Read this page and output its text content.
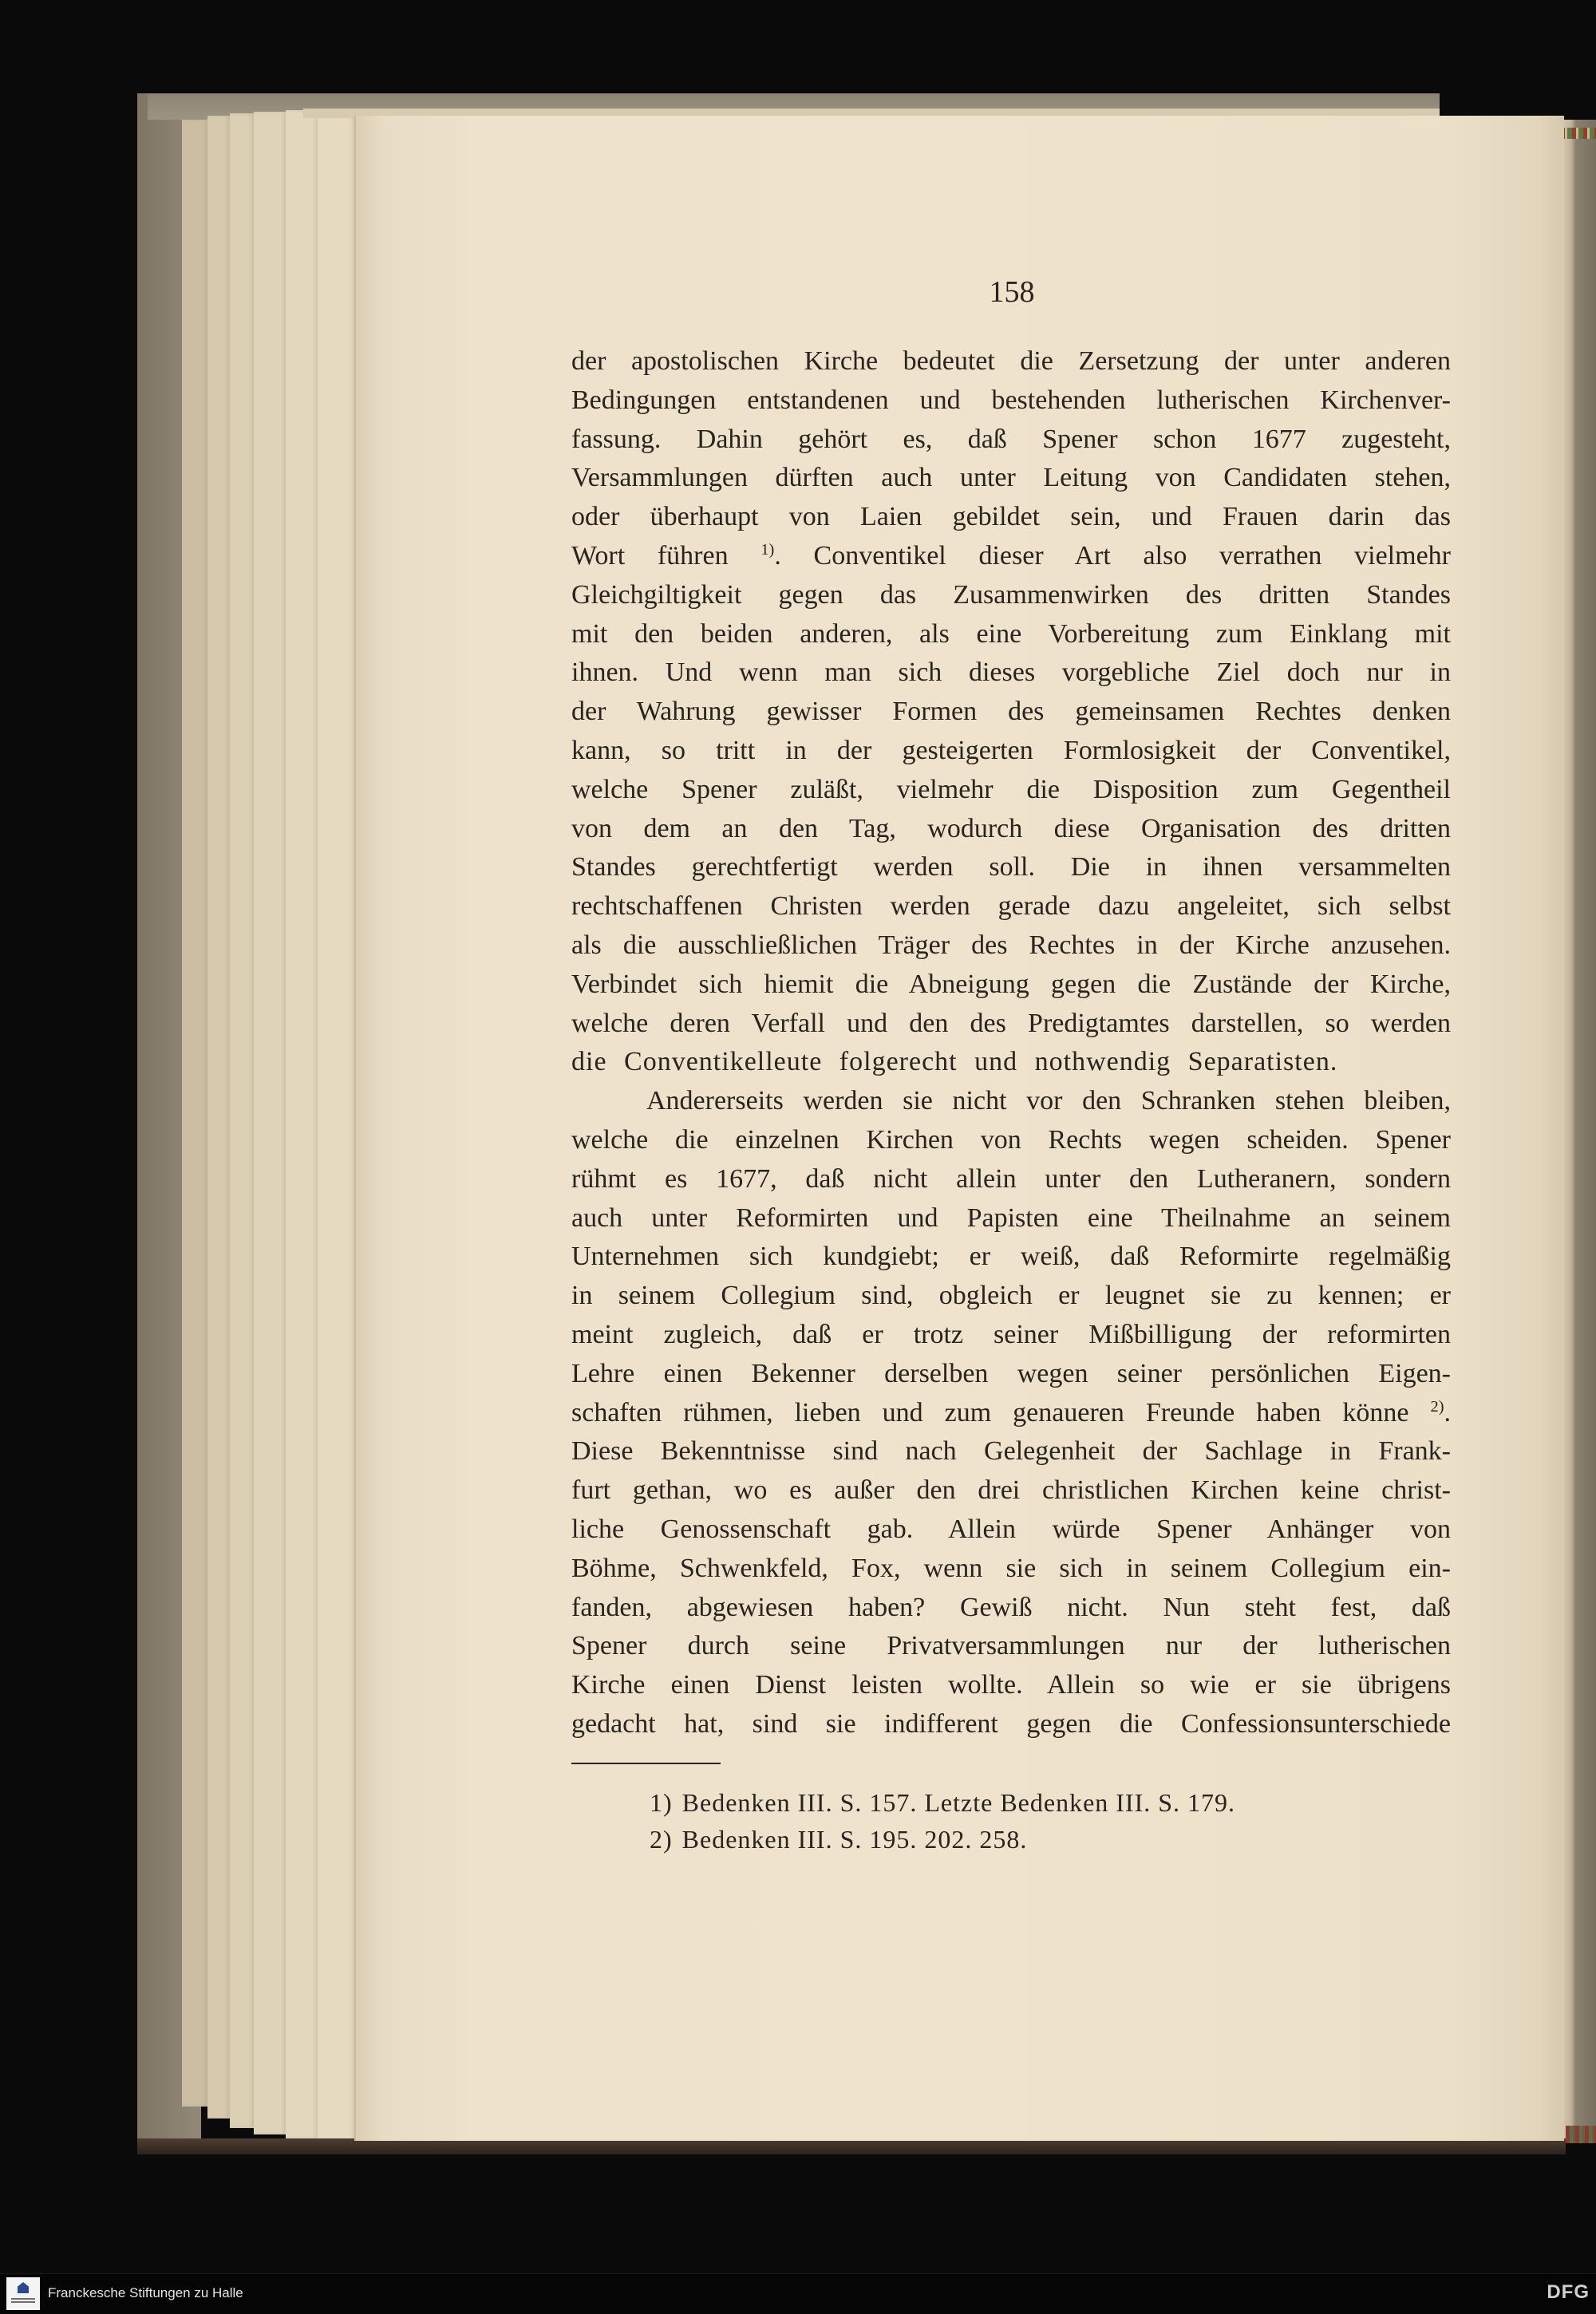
158
der apostolischen Kirche bedeutet die Zersetzung der unter anderen
Bedingungen entstandenen und bestehenden lutherischen Kirchenver-
fassung. Dahin gehört es, daß Spener schon 1677 zugesteht,
Versammlungen dürften auch unter Leitung von Candidaten stehen,
oder überhaupt von Laien gebildet sein, und Frauen darin das
Wort führen $^{1)}$. Conventikel dieser Art also verrathen vielmehr
Gleichgiltigkeit gegen das Zusammenwirken des dritten Standes
mit den beiden anderen, als eine Vorbereitung zum Einklang mit
ihnen. Und wenn man sich dieses vorgebliche Ziel doch nur in
der Wahrung gewisser Formen des gemeinsamen Rechtes denken
kann, so tritt in der gesteigerten Formlosigkeit der Conventikel,
welche Spener zuläßt, vielmehr die Disposition zum Gegentheil
von dem an den Tag, wodurch diese Organisation des dritten
Standes gerechtfertigt werden soll. Die in ihnen versammelten
rechtschaffenen Christen werden gerade dazu angeleitet, sich selbst
als die ausschließlichen Träger des Rechtes in der Kirche anzusehen.
Verbindet sich hiemit die Abneigung gegen die Zustände der Kirche,
welche deren Verfall und den des Predigtamtes darstellen, so werden
die Conventikelleute folgerecht und nothwendig Separatisten.
Andererseits werden sie nicht vor den Schranken stehen bleiben,
welche die einzelnen Kirchen von Rechts wegen scheiden. Spener
rühmt es 1677, daß nicht allein unter den Lutheranern, sondern
auch unter Reformirten und Papisten eine Theilnahme an seinem
Unternehmen sich kundgiebt; er weiß, daß Reformirte regelmäßig
in seinem Collegium sind, obgleich er leugnet sie zu kennen; er
meint zugleich, daß er trotz seiner Mißbilligung der reformirten
Lehre einen Bekenner derselben wegen seiner persönlichen Eigen-
schaften rühmen, lieben und zum genaueren Freunde haben könne $^{2)}$.
Diese Bekenntnisse sind nach Gelegenheit der Sachlage in Frank-
furt gethan, wo es außer den drei christlichen Kirchen keine christ-
liche Genossenschaft gab. Allein würde Spener Anhänger von
Böhme, Schwenkfeld, Fox, wenn sie sich in seinem Collegium ein-
fanden, abgewiesen haben? Gewiß nicht. Nun steht fest, daß
Spener durch seine Privatversammlungen nur der lutherischen
Kirche einen Dienst leisten wollte. Allein so wie er sie übrigens
gedacht hat, sind sie indifferent gegen die Confessionsunterschiede
1) Bedenken III. S. 157. Letzte Bedenken III. S. 179.
2) Bedenken III. S. 195. 202. 258.
Franckesche Stiftungen zu Halle	DFG
